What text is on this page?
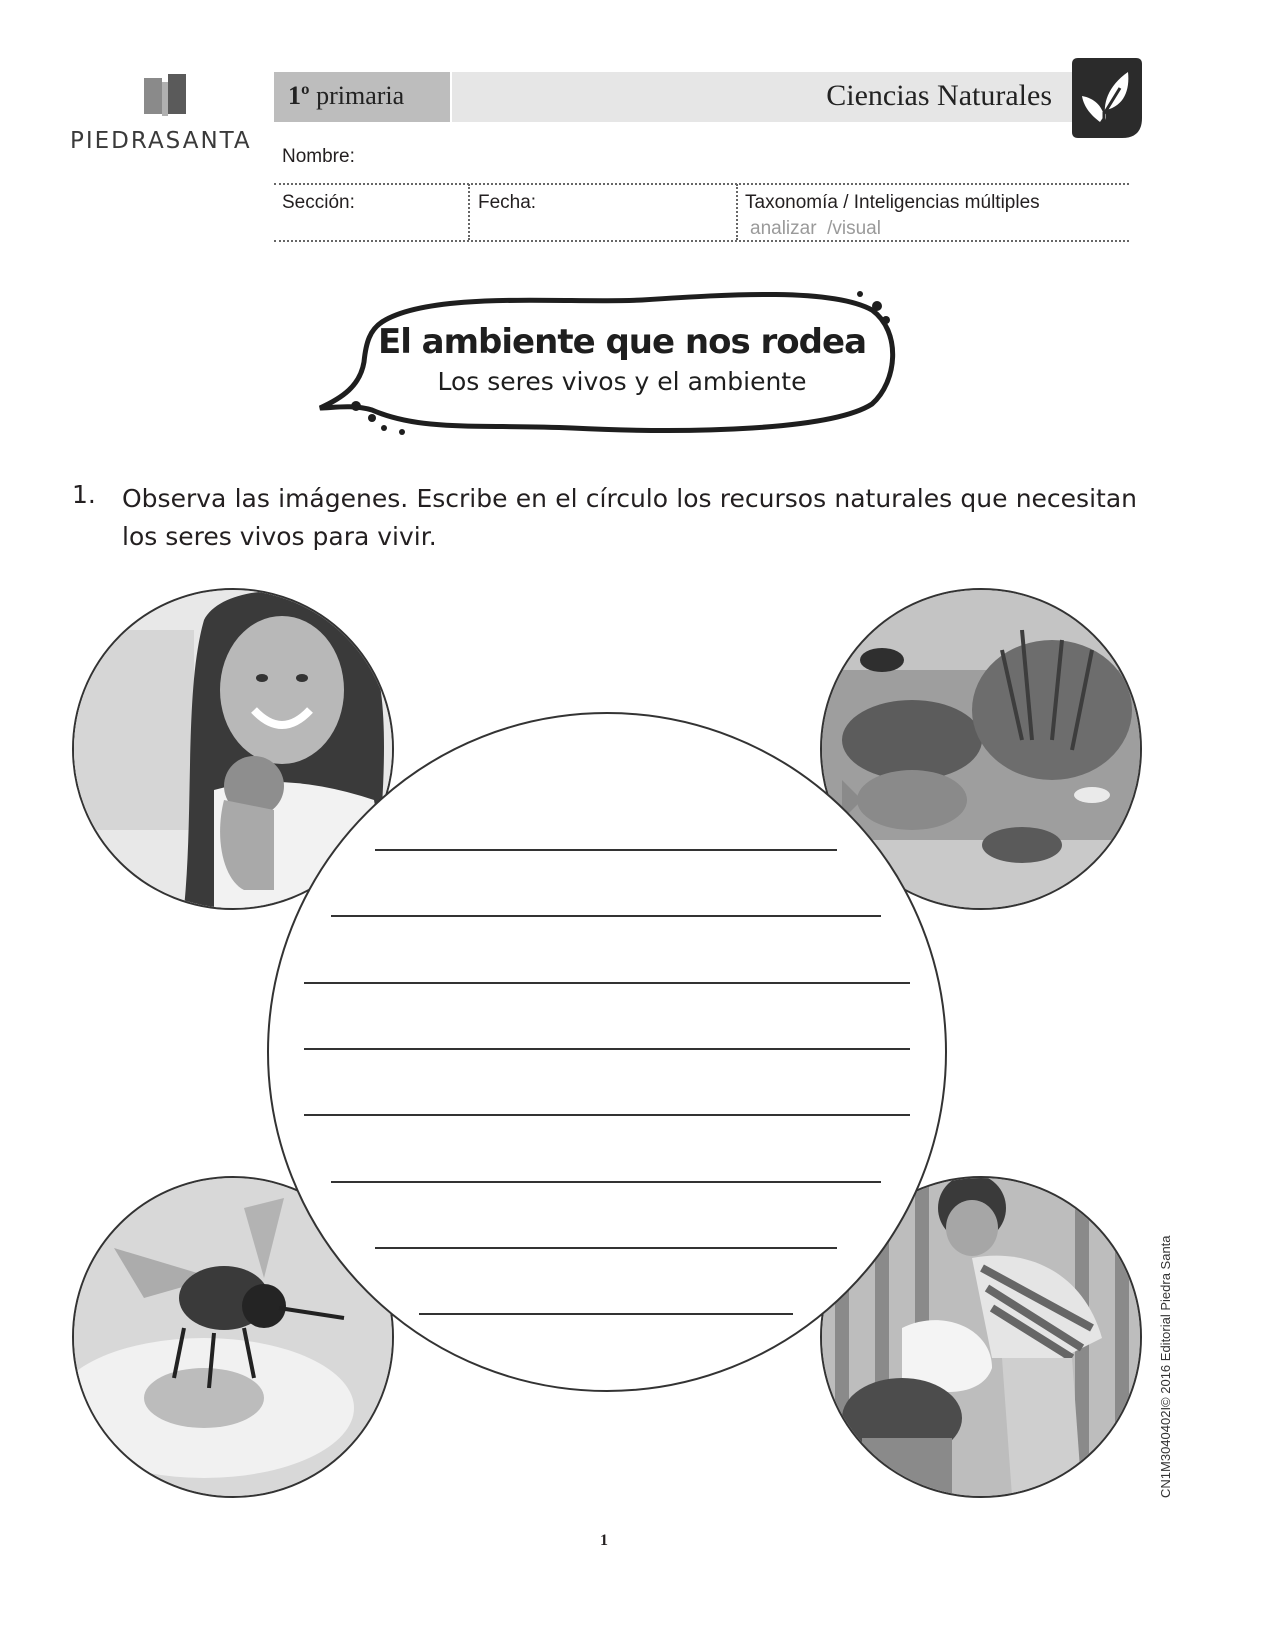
PIEDRASANTA
1º primaria	Ciencias Naturales
Nombre:
Sección:	Fecha:	Taxonomía / Inteligencias múltiples
analizar  /visual
El ambiente que nos rodea
Los seres vivos y el ambiente
1. Observa las imágenes. Escribe en el círculo los recursos naturales que necesitan los seres vivos para vivir.
1
CN1M3040402I© 2016 Editorial Piedra Santa
